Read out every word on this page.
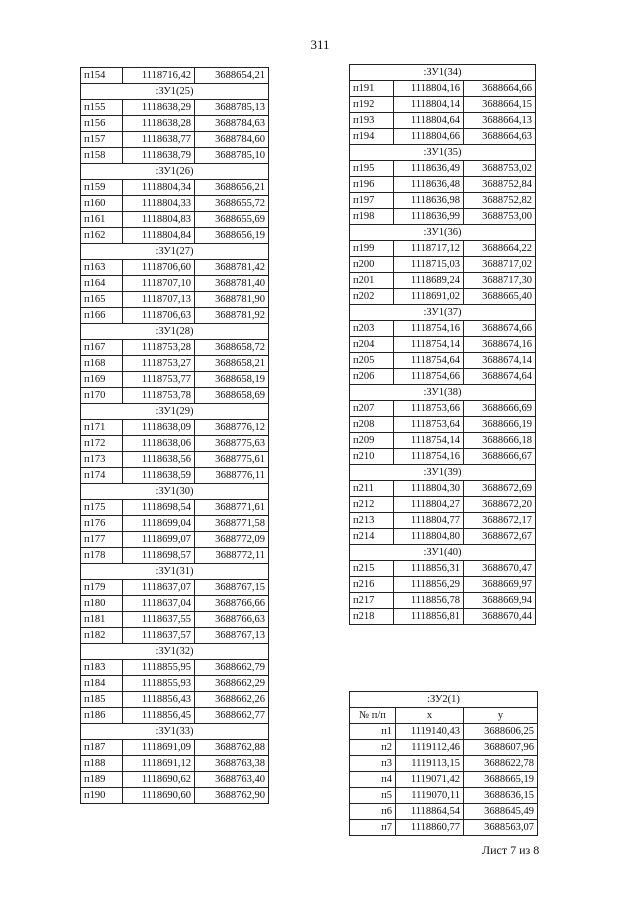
311
п154	1118716,42	3688654,21
:ЗУ1(25)		
п155	1118638,29	3688785,13
п156	1118638,28	3688784,63
п157	1118638,77	3688784,60
п158	1118638,79	3688785,10
:ЗУ1(26)		
п159	1118804,34	3688656,21
п160	1118804,33	3688655,72
п161	1118804,83	3688655,69
п162	1118804,84	3688656,19
:ЗУ1(27)		
п163	1118706,60	3688781,42
п164	1118707,10	3688781,40
п165	1118707,13	3688781,90
п166	1118706,63	3688781,92
:ЗУ1(28)		
п167	1118753,28	3688658,72
п168	1118753,27	3688658,21
п169	1118753,77	3688658,19
п170	1118753,78	3688658,69
:ЗУ1(29)		
п171	1118638,09	3688776,12
п172	1118638,06	3688775,63
п173	1118638,56	3688775,61
п174	1118638,59	3688776,11
:ЗУ1(30)		
п175	1118698,54	3688771,61
п176	1118699,04	3688771,58
п177	1118699,07	3688772,09
п178	1118698,57	3688772,11
:ЗУ1(31)		
п179	1118637,07	3688767,15
п180	1118637,04	3688766,66
п181	1118637,55	3688766,63
п182	1118637,57	3688767,13
:ЗУ1(32)		
п183	1118855,95	3688662,79
п184	1118855,93	3688662,29
п185	1118856,43	3688662,26
п186	1118856,45	3688662,77
:ЗУ1(33)		
п187	1118691,09	3688762,88
п188	1118691,12	3688763,38
п189	1118690,62	3688763,40
п190	1118690,60	3688762,90
:ЗУ1(34)		
п191	1118804,16	3688664,66
п192	1118804,14	3688664,15
п193	1118804,64	3688664,13
п194	1118804,66	3688664,63
:ЗУ1(35)		
п195	1118636,49	3688753,02
п196	1118636,48	3688752,84
п197	1118636,98	3688752,82
п198	1118636,99	3688753,00
:ЗУ1(36)		
п199	1118717,12	3688664,22
п200	1118715,03	3688717,02
п201	1118689,24	3688717,30
п202	1118691,02	3688665,40
:ЗУ1(37)		
п203	1118754,16	3688674,66
п204	1118754,14	3688674,16
п205	1118754,64	3688674,14
п206	1118754,66	3688674,64
:ЗУ1(38)		
п207	1118753,66	3688666,69
п208	1118753,64	3688666,19
п209	1118754,14	3688666,18
п210	1118754,16	3688666,67
:ЗУ1(39)		
п211	1118804,30	3688672,69
п212	1118804,27	3688672,20
п213	1118804,77	3688672,17
п214	1118804,80	3688672,67
:ЗУ1(40)		
п215	1118856,31	3688670,47
п216	1118856,29	3688669,97
п217	1118856,78	3688669,94
п218	1118856,81	3688670,44
:ЗУ2(1)		
№ п/п	x	y
п1	1119140,43	3688606,25
п2	1119112,46	3688607,96
п3	1119113,15	3688622,78
п4	1119071,42	3688665,19
п5	1119070,11	3688636,15
п6	1118864,54	3688645,49
п7	1118860,77	3688563,07
Лист 7 из 8
